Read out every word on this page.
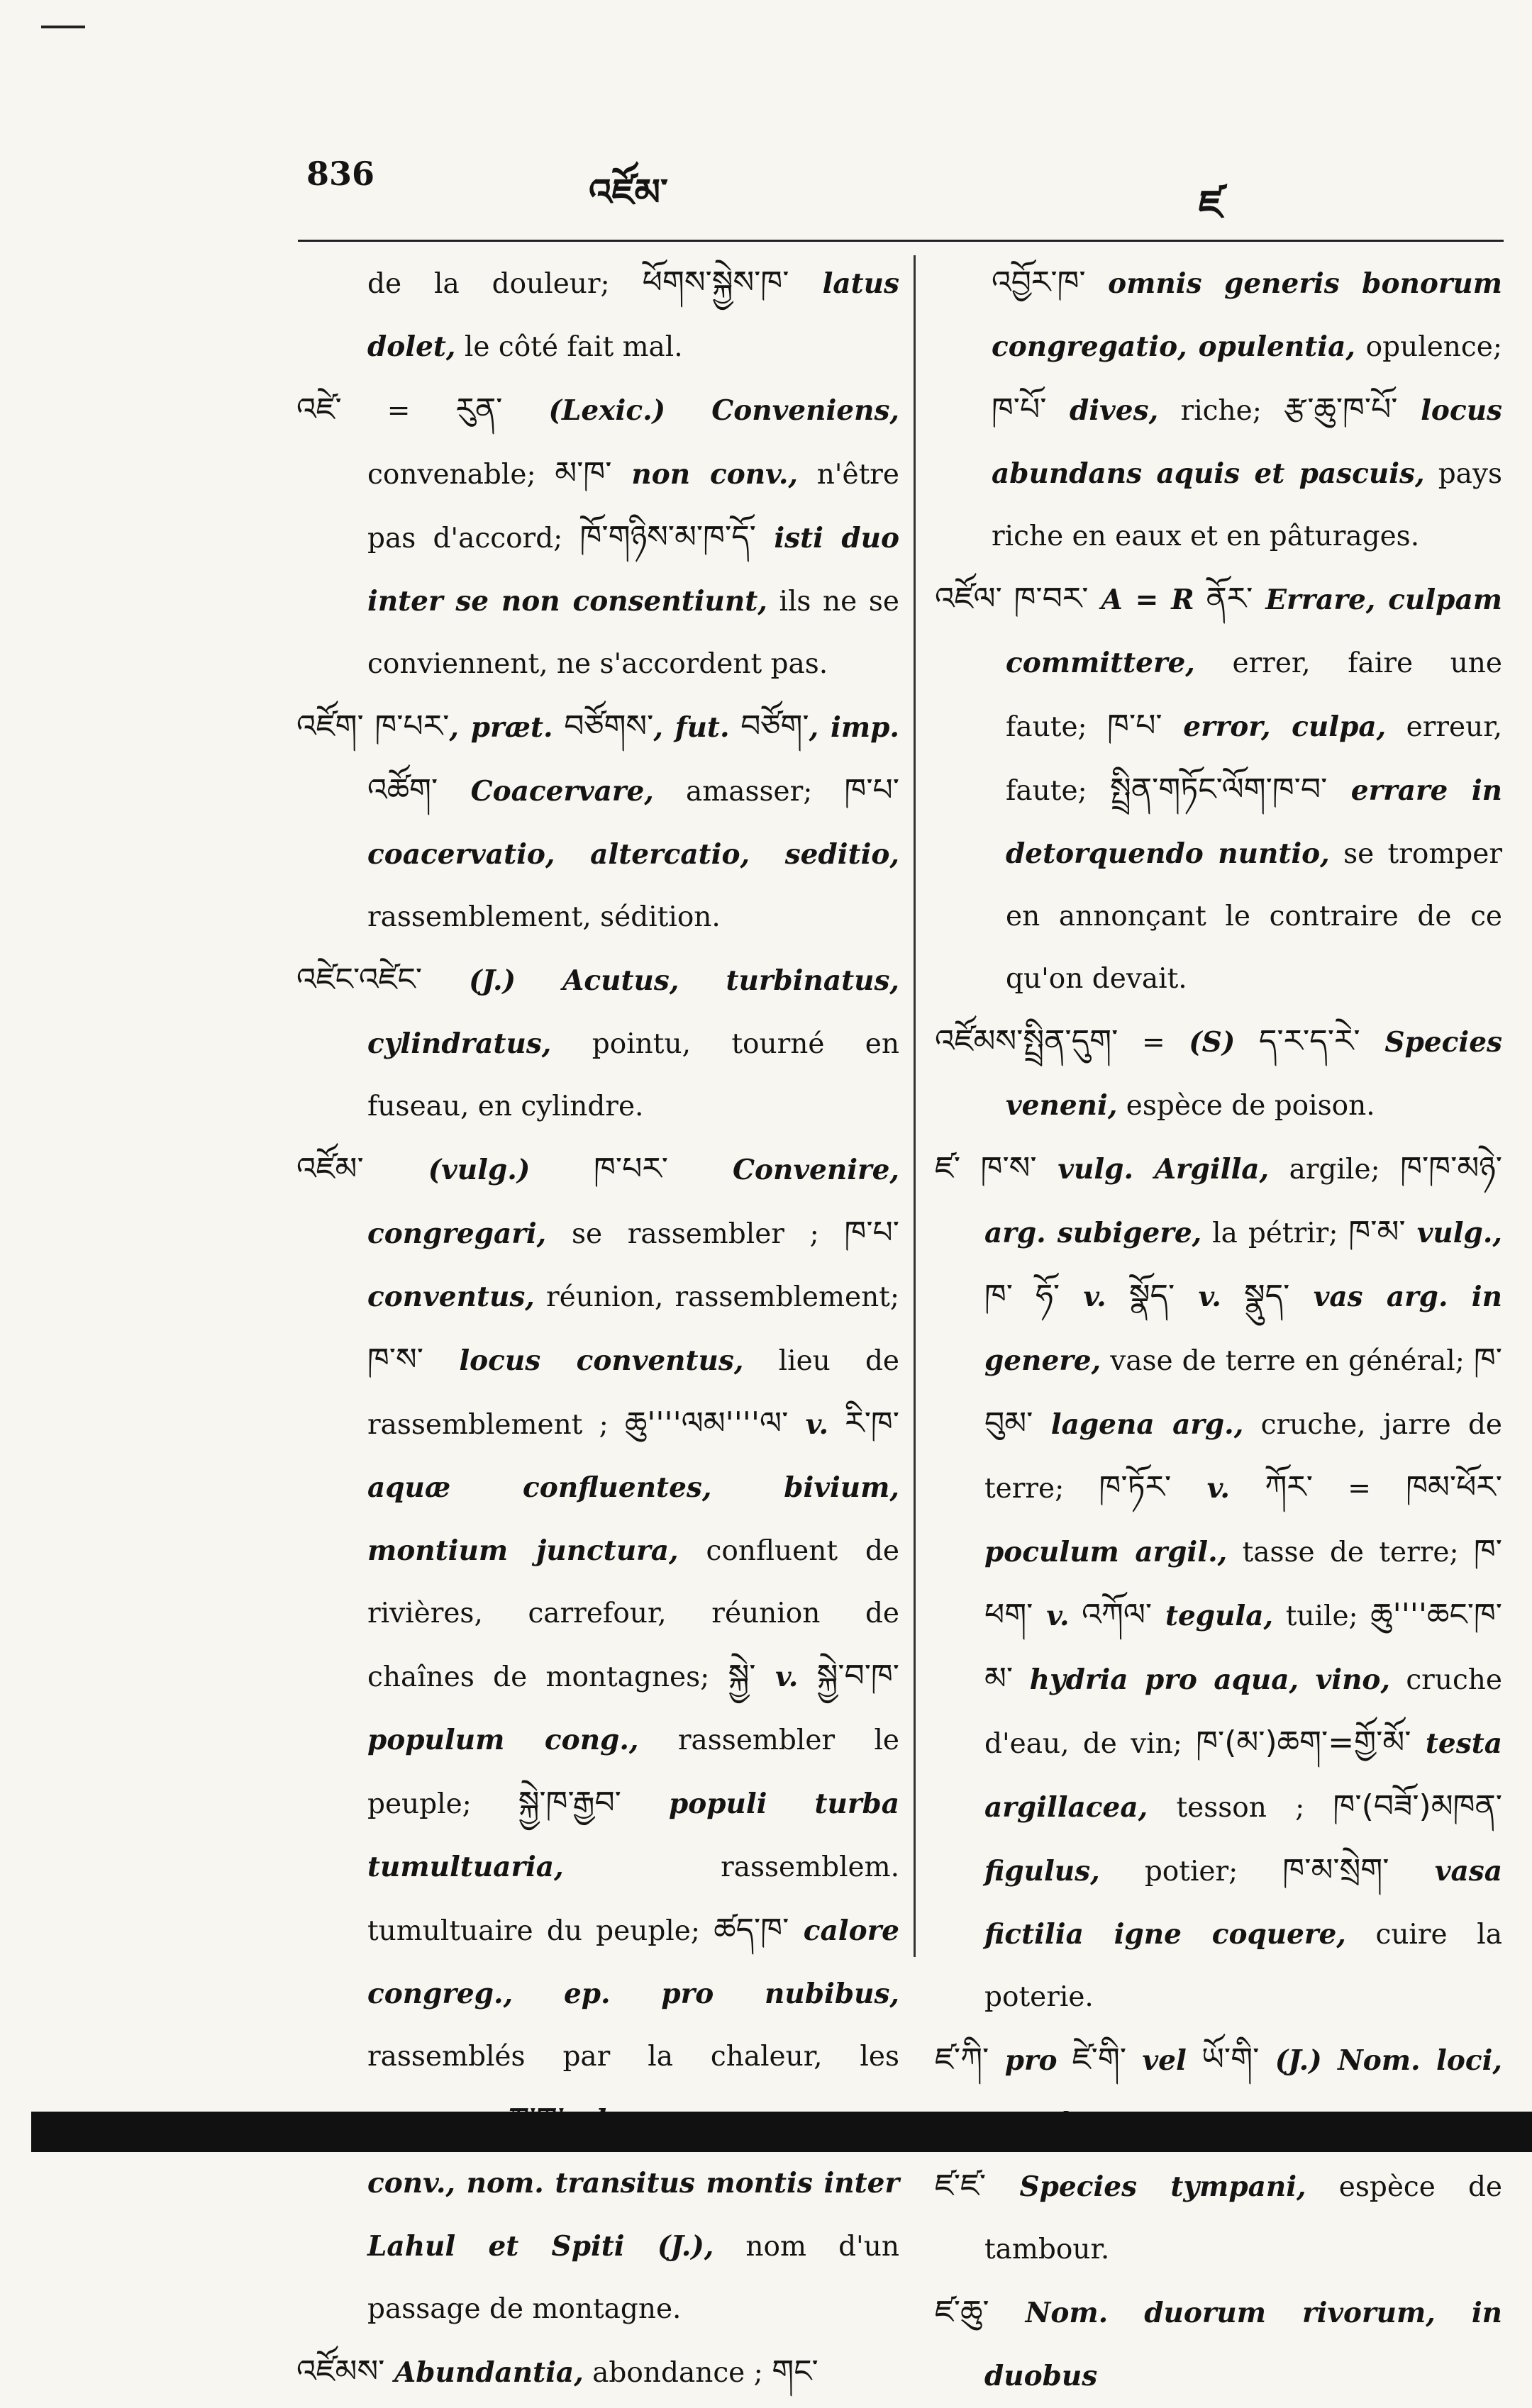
836	འཛོམ་	ཛ

de la douleur; ཕོགས་སྐྱེས་ཁ་ latus dolet, le côté fait mal.

འཛེ་ = རུན་ (Lexic.) Conveniens, convenable; མ་ཁ་ non conv., n'être pas d'accord; ཁོ་གཉིས་མ་ཁ་དོ་ isti duo inter se non consentiunt, ils ne se conviennent, ne s'accordent pas.

འཛོག་ ཁ་པར་, præt. བཙོགས་, fut. བཙོག་, imp. འཚོག་ Coacervare, amasser; ཁ་པ་ coacervatio, altercatio, seditio, rassemblement, sédition.

འཛེང་འཛེང་ (J.) Acutus, turbinatus, cylindratus, pointu, tourné en fuseau, en cylindre.

འཛོམ་ (vulg.) ཁ་པར་ Convenire, congregari, se rassembler ; ཁ་པ་ conventus, réunion, rassemblement; ཁ་ས་ locus conventus, lieu de rassemblement ; ཆུ''''ལམ''''ལ་ v. རི་ཁ་ aquæ confluentes, bivium, montium junctura, confluent de rivières, carrefour, réunion de chaînes de montagnes; སྐྱེ་ v. སྐྱེ་བ་ཁ་ populum cong., rassembler le peuple; སྐྱེ་ཁ་རྒྱབ་ populi turba tumultuaria, rassemblem. tumultuaire du peuple; ཚད་ཁ་ calore congreg., ep. pro nubibus, rassemblés par la chaleur, les conv., nom. transitus montis inter Lahul et Spiti (J.), nom d'un passage de montagne.

འཛོམས་ Abundantia, abondance ; གང་

འབྱོར་ཁ་ omnis generis bonorum congregatio, opulentia, opulence; ཁ་པོ་ dives, riche; རྩ་ཆུ་ཁ་པོ་ locus abundans aquis et pascuis, pays riche en eaux et en pâturages.

འཛོལ་ ཁ་བར་ A = R ནོར་ Errare, culpam committere, errer, faire une faute; ཁ་པ་ error, culpa, erreur, faute; སྤྲིན་གཏོང་ལོག་ཁ་བ་ errare in detorquendo nuntio, se tromper en annonçant le contraire de ce qu'on devait.

འཛོམས་སྤྲིན་དུག་ = (S) ད་ར་ད་རེ་ Species veneni, espèce de poison.

ཛ་ ཁ་ས་ vulg. Argilla, argile; ཁ་ཁ་མཉེ་ arg. subigere, la pétrir; ཁ་མ་ vulg., ཁ་ ཧོ་ v. སྣོད་ v. སྣུད་ vas arg. in genere, vase de terre en général; ཁ་བུམ་ lagena arg., cruche, jarre de terre; ཁ་ཏོར་ v. ཀོར་ = ཁམ་ཕོར་ poculum argil., tasse de terre; ཁ་ཕག་ v. འཀོལ་ tegula, tuile; ཆུ''''ཆང་ཁ་མ་ hydria pro aqua, vino, cruche d'eau, de vin; ཁ་(མ་)ཆག་=གྱོ་མོ་ testa argillacea, tesson ; ཁ་(བཟོ་)མཁན་ figulus, potier; ཁ་མ་སྲེག་ vasa fictilia igne coquere, cuire la poterie.

ཛ་ཀི་ pro ཛེ་གི་ vel ཡོ་གི་ (J.) Nom. loci,

ཛ་ཛ་ Species tympani, espèce de tambour.

ཛ་ཆུ་ Nom. duorum rivorum, in duobus
